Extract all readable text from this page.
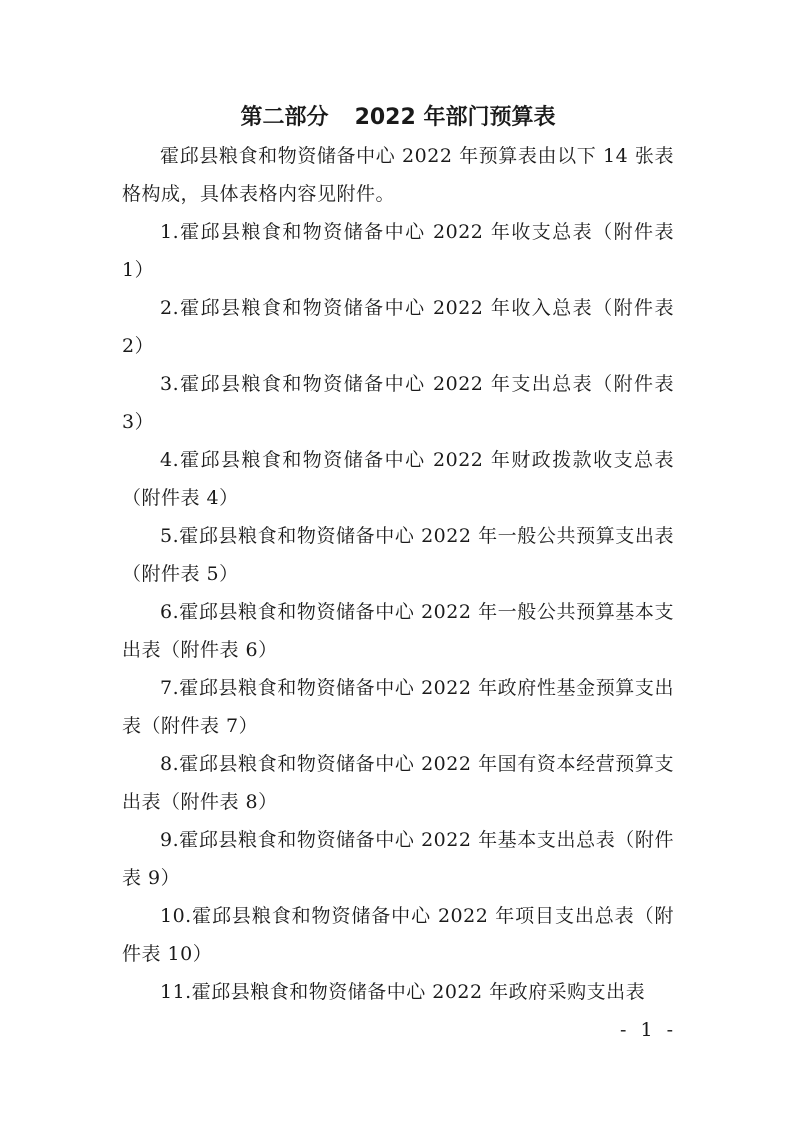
第二部分 2022 年部门预算表

霍邱县粮食和物资储备中心 2022 年预算表由以下 14 张表格构成，具体表格内容见附件。

1.霍邱县粮食和物资储备中心 2022 年收支总表（附件表 1）

2.霍邱县粮食和物资储备中心 2022 年收入总表（附件表 2）

3.霍邱县粮食和物资储备中心 2022 年支出总表（附件表 3）

4.霍邱县粮食和物资储备中心 2022 年财政拨款收支总表（附件表 4）

5.霍邱县粮食和物资储备中心 2022 年一般公共预算支出表（附件表 5）

6.霍邱县粮食和物资储备中心 2022 年一般公共预算基本支出表（附件表 6）

7.霍邱县粮食和物资储备中心 2022 年政府性基金预算支出表（附件表 7）

8.霍邱县粮食和物资储备中心 2022 年国有资本经营预算支出表（附件表 8）

9.霍邱县粮食和物资储备中心 2022 年基本支出总表（附件表 9）

10.霍邱县粮食和物资储备中心 2022 年项目支出总表（附件表 10）

11.霍邱县粮食和物资储备中心 2022 年政府采购支出表

- 1 -
